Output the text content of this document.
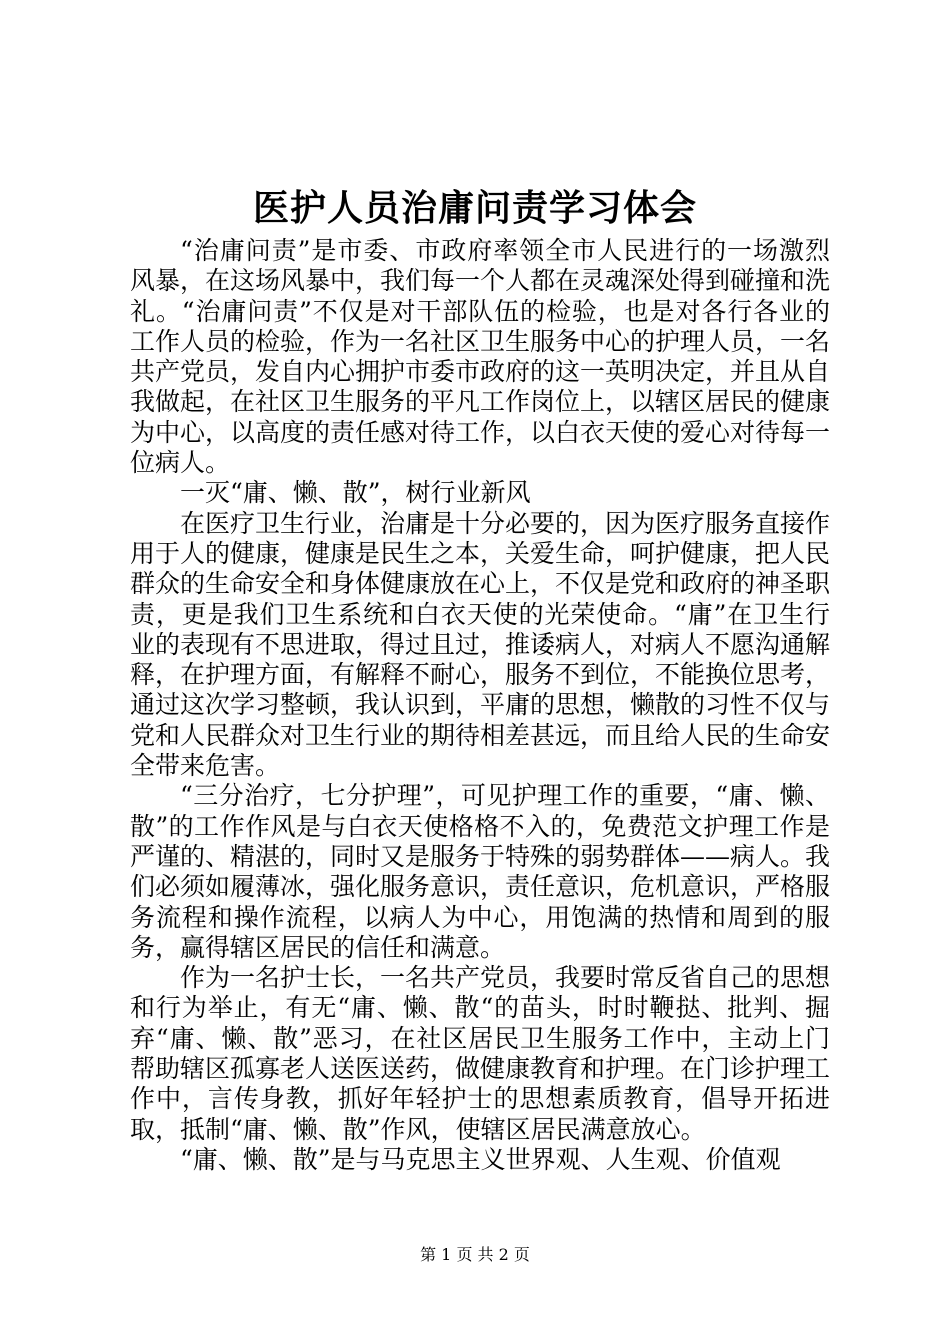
医护人员治庸问责学习体会

“治庸问责”是市委、市政府率领全市人民进行的一场激烈风暴，在这场风暴中，我们每一个人都在灵魂深处得到碰撞和洗礼。“治庸问责”不仅是对干部队伍的检验，也是对各行各业的工作人员的检验，作为一名社区卫生服务中心的护理人员，一名共产党员，发自内心拥护市委市政府的这一英明决定，并且从自我做起，在社区卫生服务的平凡工作岗位上，以辖区居民的健康为中心，以高度的责任感对待工作，以白衣天使的爱心对待每一位病人。

一灭“庸、懒、散”，树行业新风

在医疗卫生行业，治庸是十分必要的，因为医疗服务直接作用于人的健康，健康是民生之本，关爱生命，呵护健康，把人民群众的生命安全和身体健康放在心上，不仅是党和政府的神圣职责，更是我们卫生系统和白衣天使的光荣使命。“庸”在卫生行业的表现有不思进取，得过且过，推诿病人，对病人不愿沟通解释，在护理方面，有解释不耐心，服务不到位，不能换位思考，通过这次学习整顿，我认识到，平庸的思想，懒散的习性不仅与党和人民群众对卫生行业的期待相差甚远，而且给人民的生命安全带来危害。

“三分治疗，七分护理”，可见护理工作的重要，“庸、懒、散”的工作作风是与白衣天使格格不入的，免费范文护理工作是严谨的、精湛的，同时又是服务于特殊的弱势群体——病人。我们必须如履薄冰，强化服务意识，责任意识，危机意识，严格服务流程和操作流程，以病人为中心，用饱满的热情和周到的服务，赢得辖区居民的信任和满意。

作为一名护士长，一名共产党员，我要时常反省自己的思想和行为举止，有无“庸、懒、散“的苗头，时时鞭挞、批判、掘弃“庸、懒、散”恶习，在社区居民卫生服务工作中，主动上门帮助辖区孤寡老人送医送药，做健康教育和护理。在门诊护理工作中，言传身教，抓好年轻护士的思想素质教育，倡导开拓进取，抵制“庸、懒、散”作风，使辖区居民满意放心。

“庸、懒、散”是与马克思主义世界观、人生观、价值观

第 1 页 共 2 页
